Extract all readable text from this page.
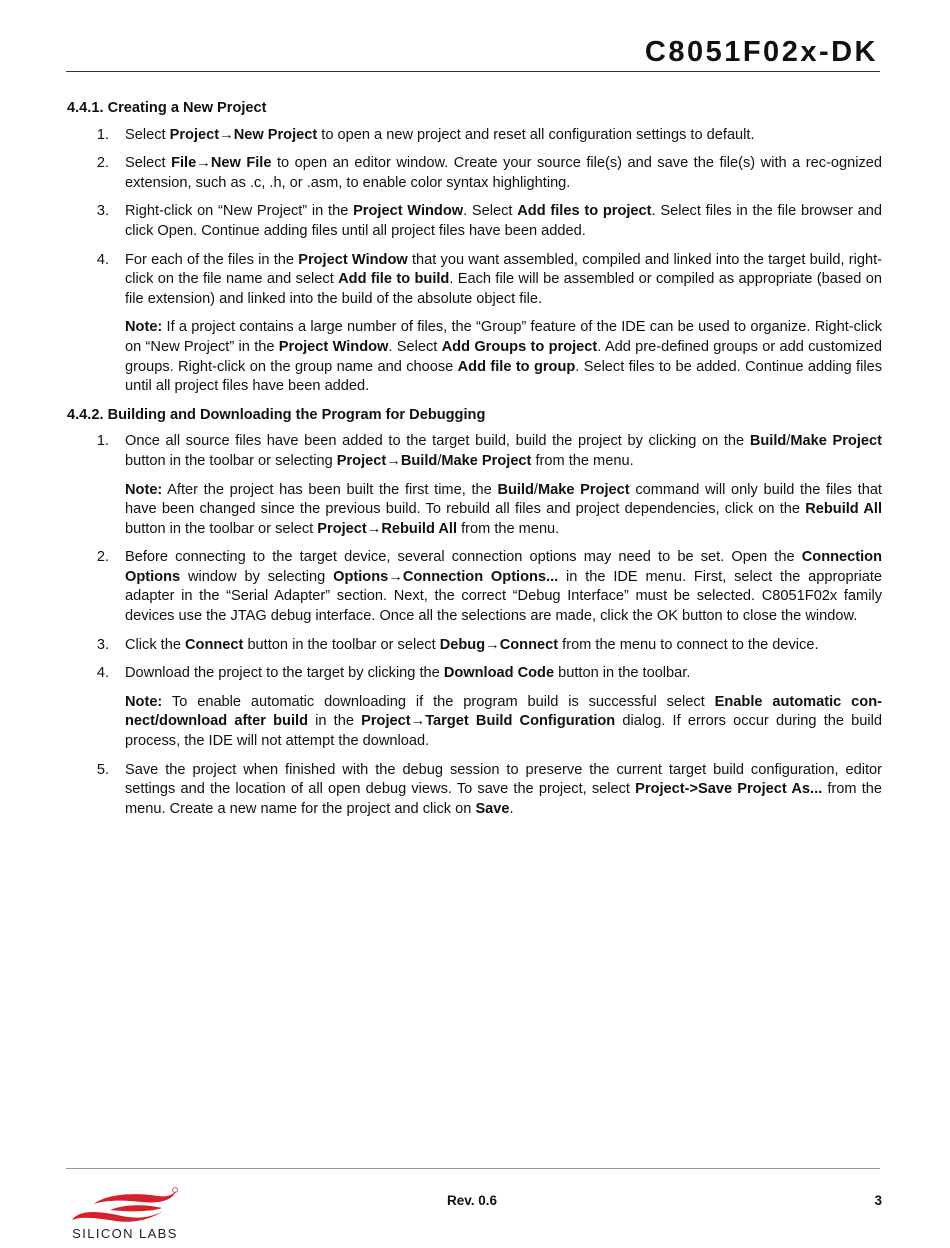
C8051F02x-DK
4.4.1. Creating a New Project
1.	Select Project→New Project to open a new project and reset all configuration settings to default.
2.	Select File→New File to open an editor window. Create your source file(s) and save the file(s) with a rec-ognized extension, such as .c, .h, or .asm, to enable color syntax highlighting.
3.	Right-click on “New Project” in the Project Window. Select Add files to project. Select files in the file browser and click Open. Continue adding files until all project files have been added.
4.	For each of the files in the Project Window that you want assembled, compiled and linked into the target build, right-click on the file name and select Add file to build. Each file will be assembled or compiled as appropriate (based on file extension) and linked into the build of the absolute object file.
Note: If a project contains a large number of files, the “Group” feature of the IDE can be used to organize. Right-click on “New Project” in the Project Window. Select Add Groups to project. Add pre-defined groups or add customized groups. Right-click on the group name and choose Add file to group. Select files to be added. Continue adding files until all project files have been added.
4.4.2. Building and Downloading the Program for Debugging
1.	Once all source files have been added to the target build, build the project by clicking on the Build/Make Project button in the toolbar or selecting Project→Build/Make Project from the menu.
Note: After the project has been built the first time, the Build/Make Project command will only build the files that have been changed since the previous build. To rebuild all files and project dependencies, click on the Rebuild All button in the toolbar or select Project→Rebuild All from the menu.
2.	Before connecting to the target device, several connection options may need to be set. Open the Connection Options window by selecting Options→Connection Options... in the IDE menu. First, select the appropriate adapter in the “Serial Adapter” section. Next, the correct “Debug Interface” must be selected. C8051F02x family devices use the JTAG debug interface. Once all the selections are made, click the OK button to close the window.
3.	Click the Connect button in the toolbar or select Debug→Connect from the menu to connect to the device.
4.	Download the project to the target by clicking the Download Code button in the toolbar.
Note: To enable automatic downloading if the program build is successful select Enable automatic con-nect/download after build in the Project→Target Build Configuration dialog. If errors occur during the build process, the IDE will not attempt the download.
5.	Save the project when finished with the debug session to preserve the current target build configuration, editor settings and the location of all open debug views. To save the project, select Project->Save Project As... from the menu. Create a new name for the project and click on Save.
SILICON LABS
Rev. 0.6	3
